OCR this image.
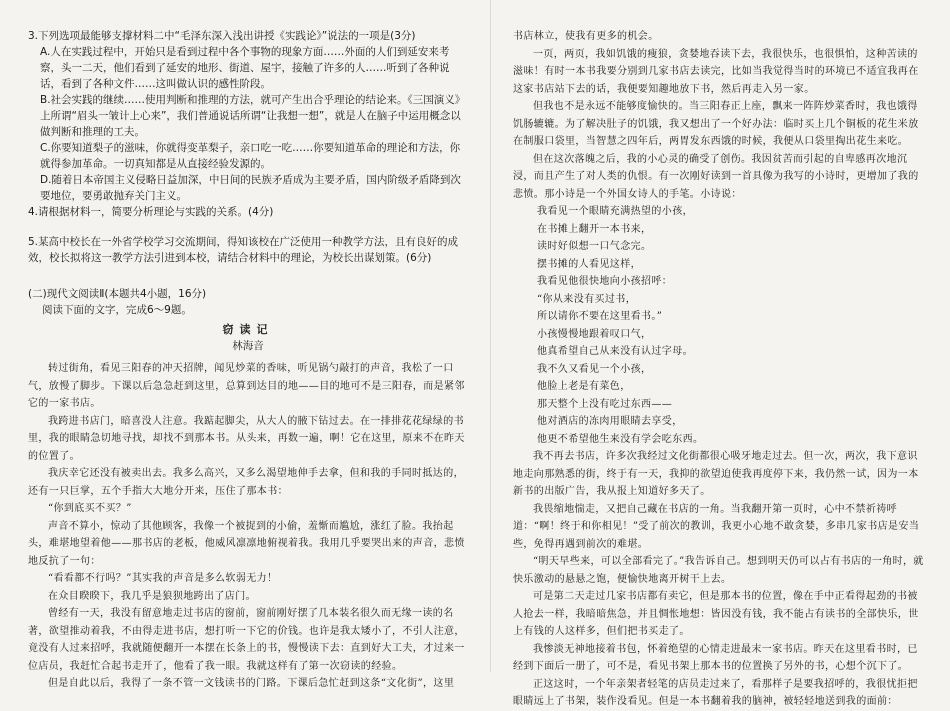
3.下列选项最能够支撑材料二中“毛泽东深入浅出讲授《实践论》”说法的一项是(3分)

A.人在实践过程中，开始只是看到过程中各个事物的现象方面……外面的人们到延安来考察，头一二天，他们看到了延安的地形、街道、屋宇，接触了许多的人……听到了各种说话，看到了各种文件……这叫做认识的感性阶段。

B.社会实践的继续……使用判断和推理的方法，就可产生出合乎理论的结论来。《三国演义》上所谓“眉头一皱计上心来”，我们普通说话所谓“让我想一想”，就是人在脑子中运用概念以做判断和推理的工夫。

C.你要知道梨子的滋味，你就得变革梨子，亲口吃一吃……你要知道革命的理论和方法，你就得参加革命。一切真知都是从直接经验发源的。

D.随着日本帝国主义侵略日益加深，中日间的民族矛盾成为主要矛盾，国内阶级矛盾降到次要地位，要勇敢抛弃关门主义。

4.请根据材料一，简要分析理论与实践的关系。(4分)

5.某高中校长在一外省学校学习交流期间，得知该校在广泛使用一种教学方法，且有良好的成效，校长拟将这一教学方法引进到本校，请结合材料中的理论，为校长出谋划策。(6分)

(二)现代文阅读Ⅱ(本题共4小题，16分)

阅读下面的文字，完成6～9题。

窃读记

林海音

转过街角，看见三阳春的冲天招牌，闻见炒菜的香味，听见锅勺敲打的声音，我松了一口气，放慢了脚步。下课以后急急赶到这里，总算到达目的地——目的地可不是三阳春，而是紧邻它的一家书店。

我跨进书店门，暗喜没人注意。我踮起脚尖，从大人的腋下钻过去。在一排排花花绿绿的书里，我的眼睛急切地寻找，却找不到那本书。从头来，再数一遍，啊！它在这里，原来不在昨天的位置了。

我庆幸它还没有被卖出去。我多么高兴，又多么渴望地伸手去拿，但和我的手同时抵达的，还有一只巨掌，五个手指大大地分开来，压住了那本书：

“你到底买不买？”

声音不算小，惊动了其他顾客，我像一个被捉到的小偷，羞惭而尴尬，涨红了脸。我抬起头，难堪地望着他——那书店的老板，他威风凛凛地俯视着我。我用几乎要哭出来的声音，悲愤地反抗了一句：

“看看都不行吗？”其实我的声音是多么软弱无力！

在众目睽睽下，我几乎是狼狈地跨出了店门。

曾经有一天，我没有留意地走过书店的窗前，窗前刚好摆了几本装名很久而无缘一读的名著，欲望推动着我，不由得走进书店，想打听一下它的价钱。也许是我太矮小了，不引人注意，竟没有人过来招呼，我就随便翻开一本摆在长条上的书，慢慢读下去：直到好大工夫，才过来一位店员，我赶忙合起书走开了，他看了我一眼。我就这样有了第一次窃读的经验。

但是自此以后，我得了一条不管一文钱读书的门路。下课后急忙赶到这条“文化街”，这里

书店林立，使我有更多的机会。

一页，两页，我如饥饿的瘦狼，贪婪地吞读下去，我很快乐，也很惧怕，这种苦读的滋味！有时一本书我要分别到几家书店去读完，比如当我觉得当时的环境已不适宜我再在这家书店站下去的话，我便要知趣地放下书，然后再走入另一家。

但我也不是永远不能够度愉快的。当三阳春正上座，飘来一阵阵炒菜香时，我也饿得饥肠辘辘。为了解决肚子的饥饿，我又想出了一个好办法：临时买上几个铜板的花生米放在制服口袋里，当智慧之四年后，两胃发东西饿的时候，我便从口袋里掏出花生来吃。

但在这次落魄之后，我的小心灵的确受了创伤。我因贫苦而引起的自卑感再次地沉浸，而且产生了对人类的仇恨。有一次刚好读到一首具像为我写的小诗时，更增加了我的悲愤。那小诗是一个外国女诗人的手笔。小诗说：

我看见一个眼睛充满热望的小孩，

在书摊上翻开一本书来，

读时好似想一口气念完。

摆书摊的人看见这样，

我看见他很快地向小孩招呼：

“你从来没有买过书，

所以请你不要在这里看书。”

小孩慢慢地跟着叹口气，

他真希望自己从来没有认过字母。

我不久又看见一个小孩，

他脸上老是有菜色，

那天整个上没有吃过东西——

他对酒店的冻肉用眼睛去享受，

他更不希望他生来没有学会吃东西。

我不再去书店，许多次我经过文化街都很心吸牙地走过去。但一次，两次，我下意识地走向那熟悉的街，终于有一天，我抑的欲望迫使我再度停下来，我仍然一试，因为一本新书的出版广告，我从报上知道好多天了。

我畏缩地惴走，又把自己藏在书店的一角。当我翻开第一页时，心中不禁祈祷呼道：“啊！终于和你相见！”受了前次的教训，我更小心地不敢贪婪，多串几家书店是安当些，免得再遇到前次的难堪。

“明天早些来，可以全部看完了。”我告诉自己。想到明天仍可以占有书店的一角时，就快乐激动的悬悬之饱，便愉快地离开树干上去。

可是第二天走过几家书店都有卖它，但是那本书的位置，像在手中正看得起劲的书被人抢去一样，我暗暗焦急，并且惆怅地想：皆因没有钱，我不能占有读书的全部快乐，世上有钱的人这样多，但们把书买走了。

我惨淡无神地接着书包，怀着绝望的心情走进最末一家书店。昨天在这里看书时，已经到下面后一册了，可不是，看见书架上那本书的位置换了另外的书，心想个沉下了。

正这这时，一个年亲架者轻笔的店员走过来了，看那样子是要我招呼的，我很忧拒把眼睛远上了书架，装作没看见。但是一本书翻着我的脑神，被轻轻地送到我的面前：
